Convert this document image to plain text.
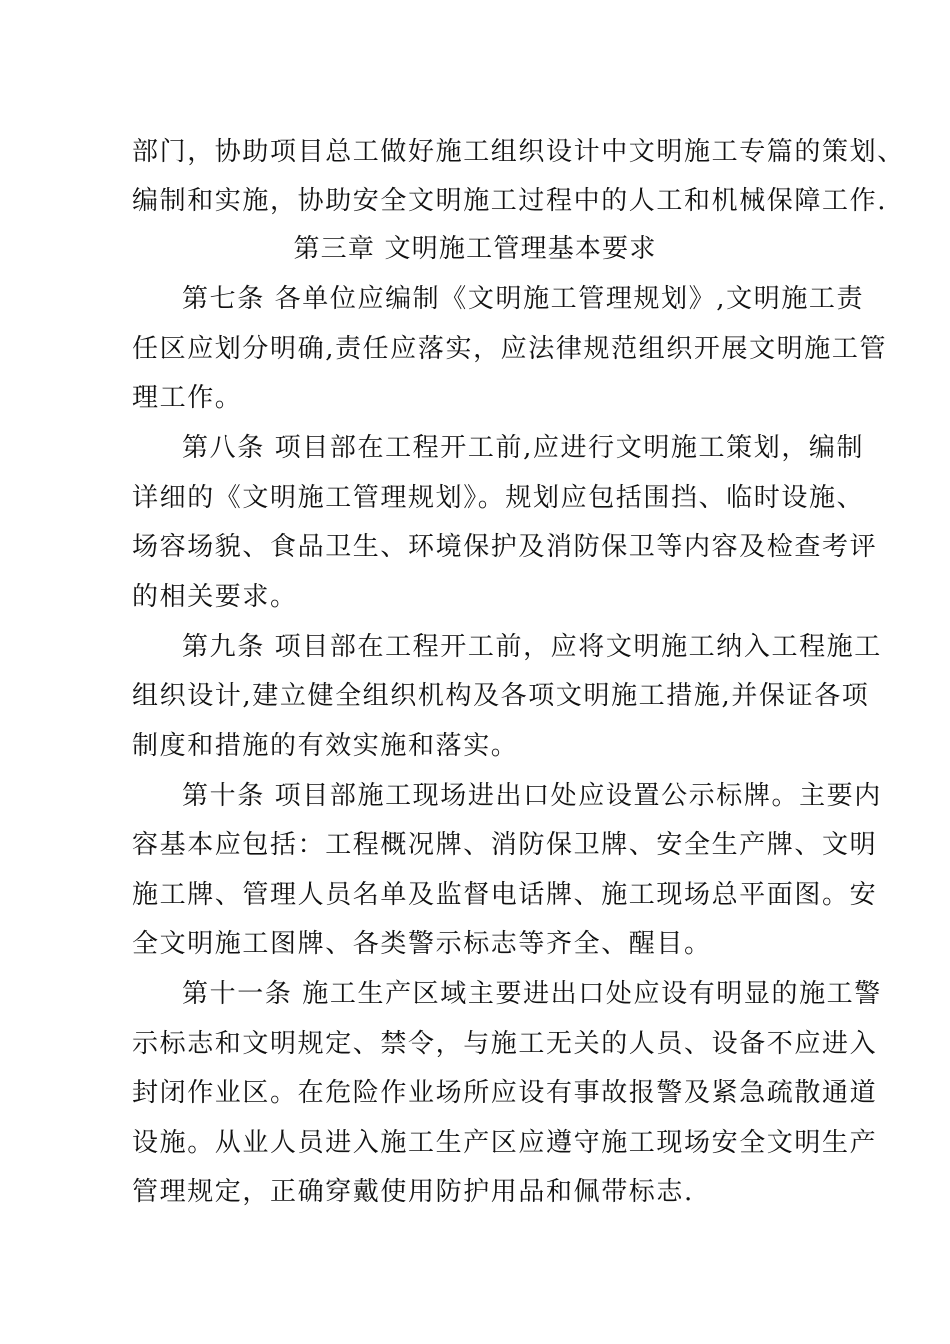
部门，协助项目总工做好施工组织设计中文明施工专篇的策划、
编制和实施，协助安全文明施工过程中的人工和机械保障工作.
第三章 文明施工管理基本要求
第七条 各单位应编制《文明施工管理规划》,文明施工责
任区应划分明确,责任应落实，应法律规范组织开展文明施工管
理工作。
第八条 项目部在工程开工前,应进行文明施工策划，编制
详细的《文明施工管理规划》。规划应包括围挡、临时设施、
场容场貌、食品卫生、环境保护及消防保卫等内容及检查考评
的相关要求。
第九条 项目部在工程开工前，应将文明施工纳入工程施工
组织设计,建立健全组织机构及各项文明施工措施,并保证各项
制度和措施的有效实施和落实。
第十条 项目部施工现场进出口处应设置公示标牌。主要内
容基本应包括：工程概况牌、消防保卫牌、安全生产牌、文明
施工牌、管理人员名单及监督电话牌、施工现场总平面图。安
全文明施工图牌、各类警示标志等齐全、醒目。
第十一条 施工生产区域主要进出口处应设有明显的施工警
示标志和文明规定、禁令，与施工无关的人员、设备不应进入
封闭作业区。在危险作业场所应设有事故报警及紧急疏散通道
设施。从业人员进入施工生产区应遵守施工现场安全文明生产
管理规定，正确穿戴使用防护用品和佩带标志.
